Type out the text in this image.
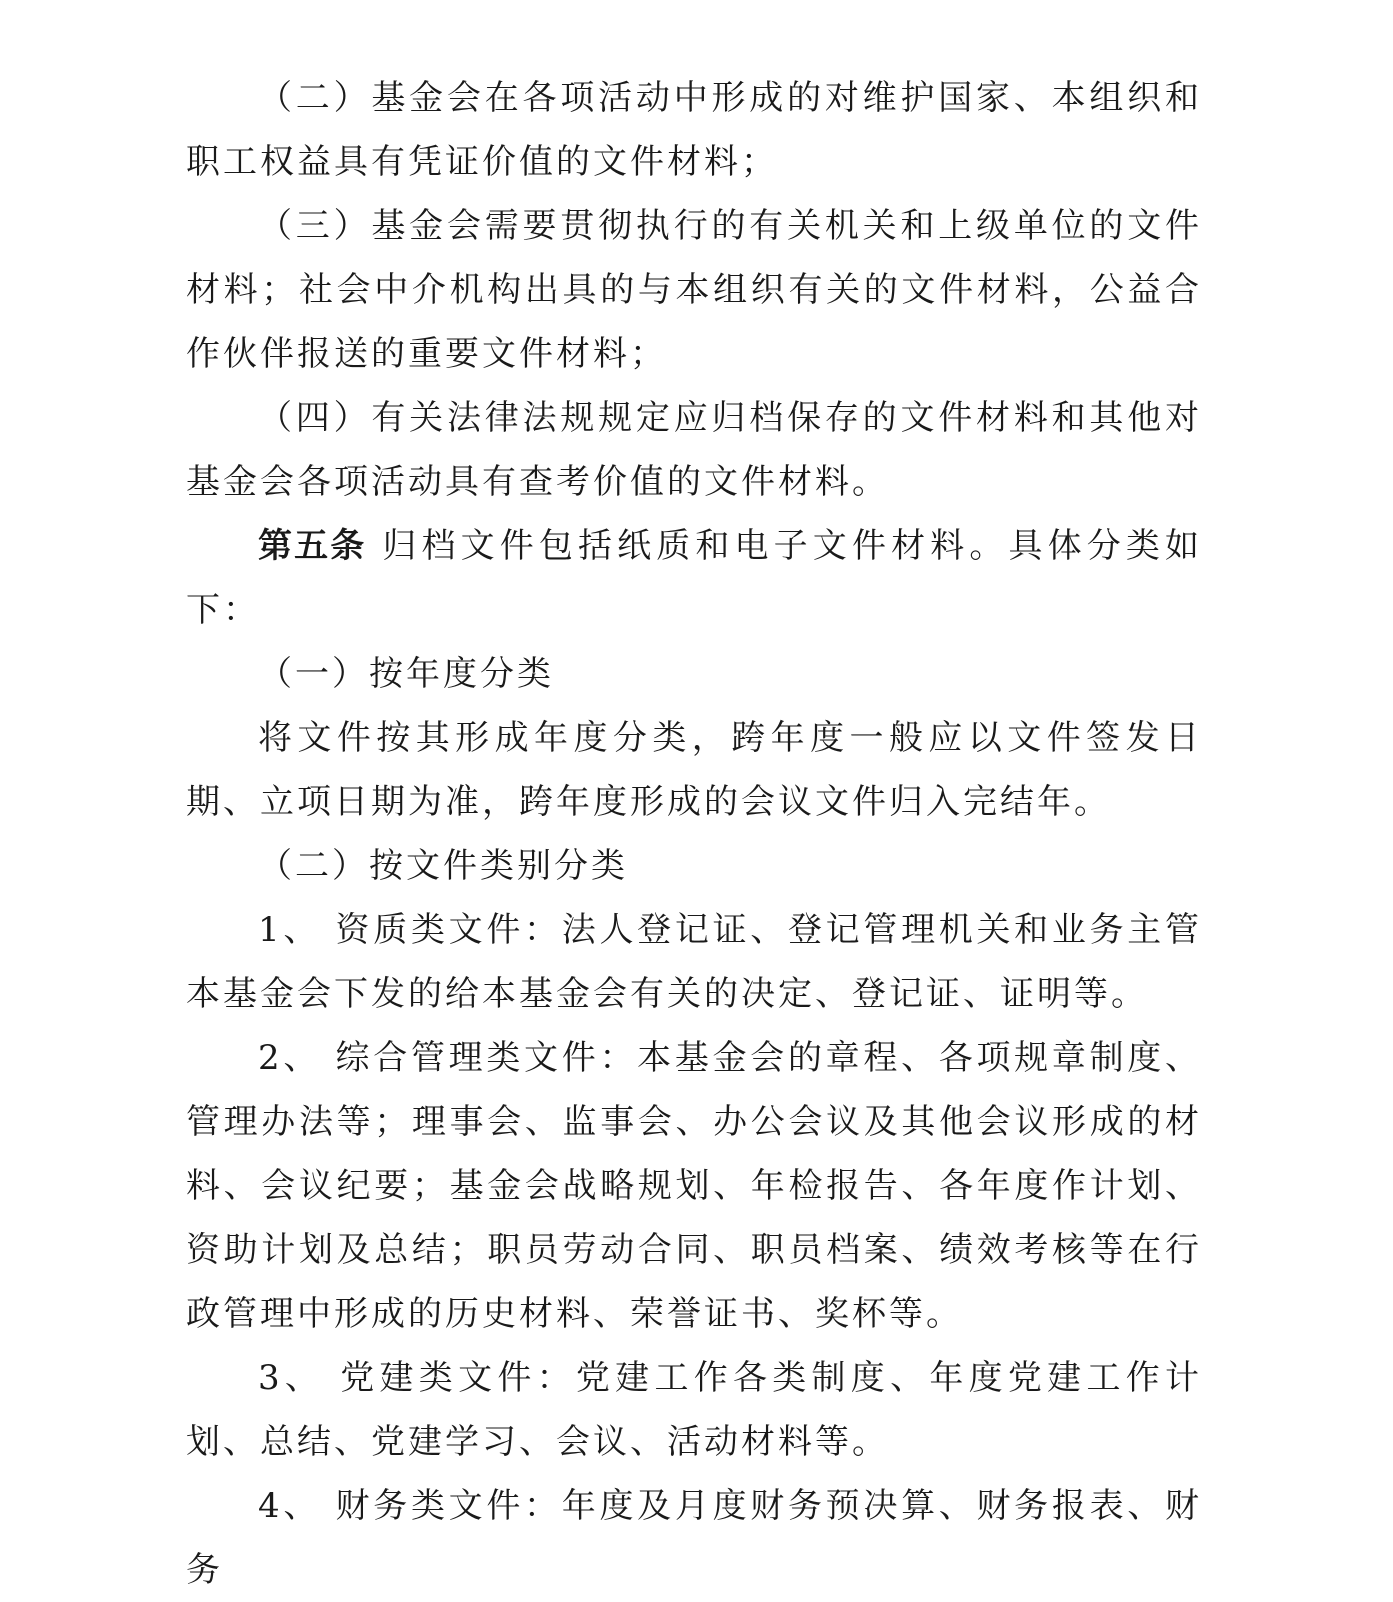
（二）基金会在各项活动中形成的对维护国家、本组织和职工权益具有凭证价值的文件材料；

（三）基金会需要贯彻执行的有关机关和上级单位的文件材料；社会中介机构出具的与本组织有关的文件材料，公益合作伙伴报送的重要文件材料；

（四）有关法律法规规定应归档保存的文件材料和其他对基金会各项活动具有查考价值的文件材料。

第五条 归档文件包括纸质和电子文件材料。具体分类如下：

（一）按年度分类

将文件按其形成年度分类，跨年度一般应以文件签发日期、立项日期为准，跨年度形成的会议文件归入完结年。

（二）按文件类别分类

1、 资质类文件：法人登记证、登记管理机关和业务主管本基金会下发的给本基金会有关的决定、登记证、证明等。

2、 综合管理类文件：本基金会的章程、各项规章制度、管理办法等；理事会、监事会、办公会议及其他会议形成的材料、会议纪要；基金会战略规划、年检报告、各年度作计划、资助计划及总结；职员劳动合同、职员档案、绩效考核等在行政管理中形成的历史材料、荣誉证书、奖杯等。

3、 党建类文件：党建工作各类制度、年度党建工作计划、总结、党建学习、会议、活动材料等。

4、 财务类文件：年度及月度财务预决算、财务报表、财务
